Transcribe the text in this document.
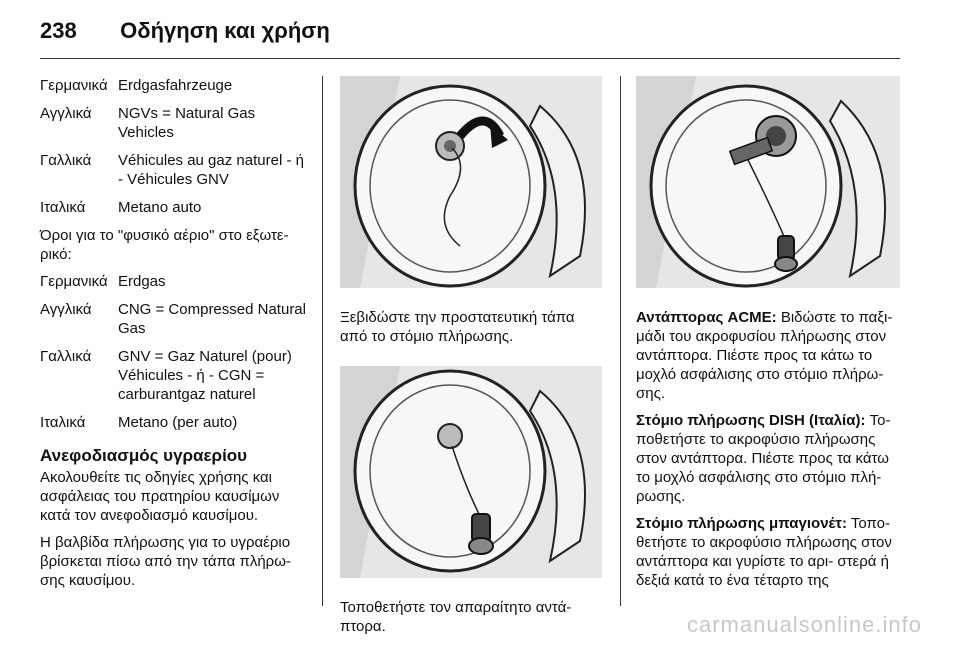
238 Οδήγηση και χρήση
Γερμανικά Erdgasfahrzeuge
Αγγλικά	NGVs = Natural Gas Vehicles
Γαλλικά	Véhicules au gaz naturel - ή - Véhicules GNV
Ιταλικά	Metano auto

Όροι για το "φυσικό αέριο" στο εξωτε- ρικό:

Γερμανικά Erdgas
Αγγλικά	CNG = Compressed Natural Gas
Γαλλικά	GNV = Gaz Naturel (pour) Véhicules - ή - CGN = carburantgaz naturel
Ιταλικά	Metano (per auto)
Ανεφοδιασμός υγραερίου

Ακολουθείτε τις οδηγίες χρήσης και ασφάλειας του πρατηρίου καυσίμων κατά τον ανεφοδιασμό καυσίμου.

Η βαλβίδα πλήρωσης για το υγραέριο βρίσκεται πίσω από την τάπα πλήρω- σης καυσίμου.

Ξεβιδώστε την προστατευτική τάπα από το στόμιο πλήρωσης.

Τοποθετήστε τον απαραίτητο αντά- πτορα.

Αντάπτορας ACME: Βιδώστε το παξι- μάδι του ακροφυσίου πλήρωσης στον αντάπτορα. Πιέστε προς τα κάτω το μοχλό ασφάλισης στο στόμιο πλήρω- σης.

Στόμιο πλήρωσης DISH (Ιταλία): Το- ποθετήστε το ακροφύσιο πλήρωσης στον αντάπτορα. Πιέστε προς τα κάτω το μοχλό ασφάλισης στο στόμιο πλή- ρωσης.

Στόμιο πλήρωσης μπαγιονέτ: Τοπο- θετήστε το ακροφύσιο πλήρωσης στον αντάπτορα και γυρίστε το αρι- στερά ή δεξιά κατά το ένα τέταρτο της

carmanualsonline.info
